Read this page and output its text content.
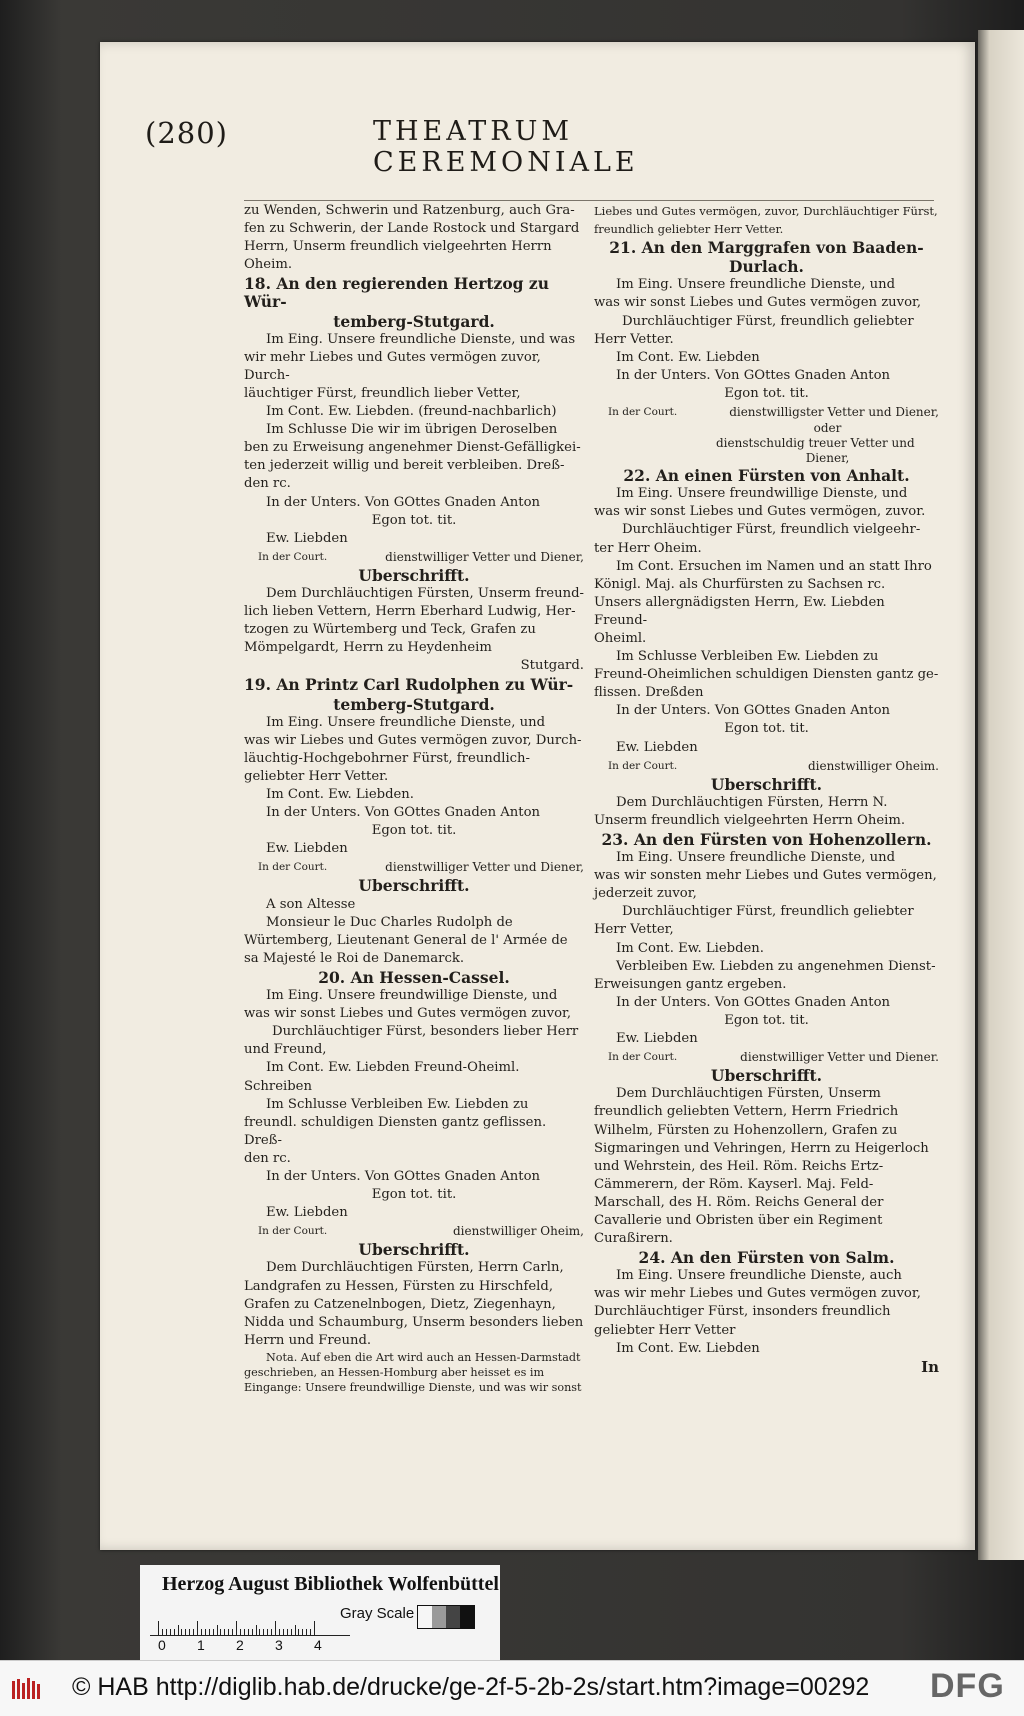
(280)	THEATRUM CEREMONIALE

zu Wenden, Schwerin und Ratzenburg, auch Gra-

fen zu Schwerin, der Lande Rostock und Stargard

Herrn, Unserm freundlich vielgeehrten Herrn

Oheim.

18. An den regierenden Hertzog zu Wür-

temberg-Stutgard.

Im Eing. Unsere freundliche Dienste, und was

wir mehr Liebes und Gutes vermögen zuvor, Durch-

läuchtiger Fürst, freundlich lieber Vetter,

Im Cont. Ew. Liebden. (freund-nachbarlich)

Im Schlusse Die wir im übrigen Deroselben

ben zu Erweisung angenehmer Dienst-Gefälligkei-

ten jederzeit willig und bereit verbleiben. Dreß-

den rc.

In der Unters. Von GOttes Gnaden Anton

Egon tot. tit.

Ew. Liebden

In der Court.	dienstwilliger Vetter und Diener,

Uberschrifft.

Dem Durchläuchtigen Fürsten, Unserm freund-

lich lieben Vettern, Herrn Eberhard Ludwig, Her-

tzogen zu Würtemberg und Teck, Grafen zu Mömpelgardt, Herrn zu Heydenheim

Stutgard.

19. An Printz Carl Rudolphen zu Wür-

temberg-Stutgard.

Im Eing. Unsere freundliche Dienste, und

was wir Liebes und Gutes vermögen zuvor, Durch-

läuchtig-Hochgebohrner Fürst, freundlich-geliebter Herr Vetter.

Im Cont. Ew. Liebden.

In der Unters. Von GOttes Gnaden Anton

Egon tot. tit.

Ew. Liebden

In der Court.	dienstwilliger Vetter und Diener,

Uberschrifft.

A son Altesse

Monsieur le Duc Charles Rudolph de Würtemberg, Lieutenant General de l' Armée de sa Majesté le Roi de Danemarck.

20. An Hessen-Cassel.

Im Eing. Unsere freundwillige Dienste, und

was wir sonst Liebes und Gutes vermögen zuvor,

Durchläuchtiger Fürst, besonders lieber Herr

und Freund,

Im Cont. Ew. Liebden Freund-Oheiml.

Schreiben

Im Schlusse Verbleiben Ew. Liebden zu

freundl. schuldigen Diensten gantz geflissen. Dreß-

den rc.

In der Unters. Von GOttes Gnaden Anton

Egon tot. tit.

Ew. Liebden

In der Court.	dienstwilliger Oheim,

Uberschrifft.

Dem Durchläuchtigen Fürsten, Herrn Carln, Landgrafen zu Hessen, Fürsten zu Hirschfeld, Grafen zu Catzenelnbogen, Dietz, Ziegenhayn, Nidda und Schaumburg, Unserm besonders lieben Herrn und Freund.

Nota. Auf eben die Art wird auch an Hessen-Darmstadt geschrieben, an Hessen-Homburg aber heisset es im Eingange: Unsere freundwillige Dienste, und was wir sonst

Liebes und Gutes vermögen, zuvor, Durchläuchtiger Fürst, freundlich geliebter Herr Vetter.

21. An den Marggrafen von Baaden-

Durlach.

Im Eing. Unsere freundliche Dienste, und

was wir sonst Liebes und Gutes vermögen zuvor,

Durchläuchtiger Fürst, freundlich geliebter

Herr Vetter.

Im Cont. Ew. Liebden

In der Unters. Von GOttes Gnaden Anton

Egon tot. tit.

In der Court.	dienstwilligster Vetter und Diener,

oder

dienstschuldig treuer Vetter und

Diener,

22. An einen Fürsten von Anhalt.

Im Eing. Unsere freundwillige Dienste, und

was wir sonst Liebes und Gutes vermögen, zuvor.

Durchläuchtiger Fürst, freundlich vielgeehr-

ter Herr Oheim.

Im Cont. Ersuchen im Namen und an statt Ihro Königl. Maj. als Churfürsten zu Sachsen rc.

Unsers allergnädigsten Herrn, Ew. Liebden Freund-

Oheiml.

Im Schlusse Verbleiben Ew. Liebden zu

Freund-Oheimlichen schuldigen Diensten gantz ge-

flissen. Dreßden

In der Unters. Von GOttes Gnaden Anton

Egon tot. tit.

Ew. Liebden

In der Court.	dienstwilliger Oheim.

Uberschrifft.

Dem Durchläuchtigen Fürsten, Herrn N.

Unserm freundlich vielgeehrten Herrn Oheim.

23. An den Fürsten von Hohenzollern.

Im Eing. Unsere freundliche Dienste, und

was wir sonsten mehr Liebes und Gutes vermögen,

jederzeit zuvor,

Durchläuchtiger Fürst, freundlich geliebter

Herr Vetter,

Im Cont. Ew. Liebden.

Verbleiben Ew. Liebden zu angenehmen Dienst-

Erweisungen gantz ergeben.

In der Unters. Von GOttes Gnaden Anton

Egon tot. tit.

Ew. Liebden

In der Court.	dienstwilliger Vetter und Diener.

Uberschrifft.

Dem Durchläuchtigen Fürsten, Unserm freundlich geliebten Vettern, Herrn Friedrich Wilhelm, Fürsten zu Hohenzollern, Grafen zu Sigmaringen und Vehringen, Herrn zu Heigerloch und Wehrstein, des Heil. Röm. Reichs Ertz-Cämmerern, der Röm. Kayserl. Maj. Feld-Marschall, des H. Röm. Reichs General der Cavallerie und Obristen über ein Regiment Curaßirern.

24. An den Fürsten von Salm.

Im Eing. Unsere freundliche Dienste, auch

was wir mehr Liebes und Gutes vermögen zuvor,

Durchläuchtiger Fürst, insonders freundlich geliebter Herr Vetter

Im Cont. Ew. Liebden

In

Herzog August Bibliothek Wolfenbüttel
0 1 2 3 4
Gray Scale
© HAB http://diglib.hab.de/drucke/ge-2f-5-2b-2s/start.htm?image=00292 DFG
